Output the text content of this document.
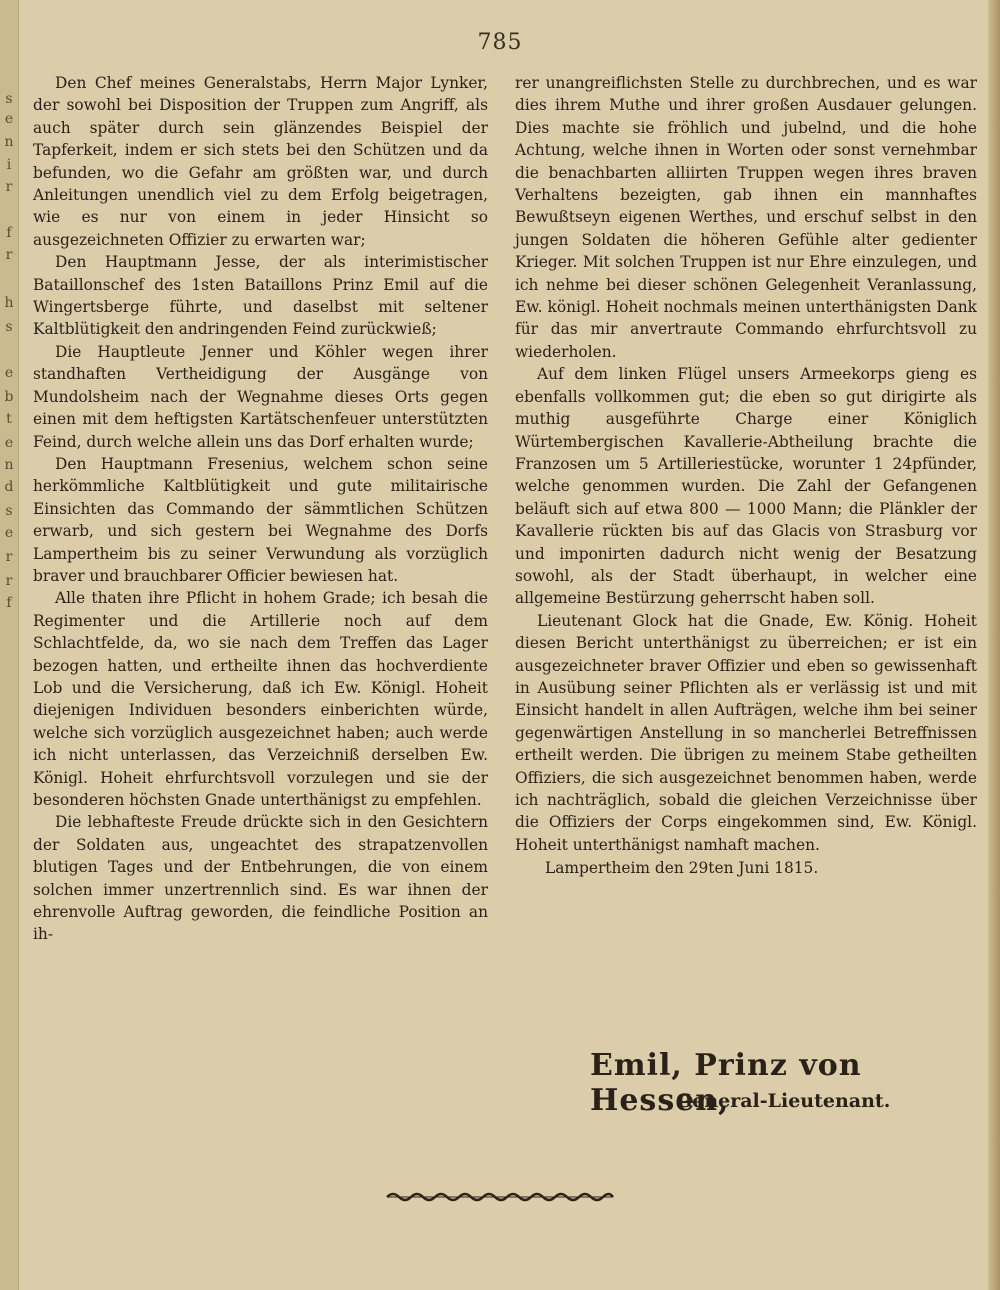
s
e
n
i
r
f
r
h
s
e
b
t
e
n
d
s
e
r
r
f
785

Den Chef meines Generalstabs, Herrn Major Lynker, der sowohl bei Disposition der Truppen zum Angriff, als auch später durch sein glänzendes Beispiel der Tapferkeit, indem er sich stets bei den Schützen und da befunden, wo die Gefahr am größten war, und durch Anleitungen unendlich viel zu dem Erfolg beigetragen, wie es nur von einem in jeder Hinsicht so ausgezeichneten Offizier zu erwarten war;

Den Hauptmann Jesse, der als interimistischer Bataillonschef des 1sten Bataillons Prinz Emil auf die Wingertsberge führte, und daselbst mit seltener Kaltblütigkeit den andringenden Feind zurückwieß;

Die Hauptleute Jenner und Köhler wegen ihrer standhaften Vertheidigung der Ausgänge von Mundolsheim nach der Wegnahme dieses Orts gegen einen mit dem heftigsten Kartätschenfeuer unterstützten Feind, durch welche allein uns das Dorf erhalten wurde;

Den Hauptmann Fresenius, welchem schon seine herkömmliche Kaltblütigkeit und gute militairische Einsichten das Commando der sämmtlichen Schützen erwarb, und sich gestern bei Wegnahme des Dorfs Lampertheim bis zu seiner Verwundung als vorzüglich braver und brauchbarer Officier bewiesen hat.

Alle thaten ihre Pflicht in hohem Grade; ich besah die Regimenter und die Artillerie noch auf dem Schlachtfelde, da, wo sie nach dem Treffen das Lager bezogen hatten, und ertheilte ihnen das hochverdiente Lob und die Versicherung, daß ich Ew. Königl. Hoheit diejenigen Individuen besonders einberichten würde, welche sich vorzüglich ausgezeichnet haben; auch werde ich nicht unterlassen, das Verzeichniß derselben Ew. Königl. Hoheit ehrfurchtsvoll vorzulegen und sie der besonderen höchsten Gnade unterthänigst zu empfehlen.

Die lebhafteste Freude drückte sich in den Gesichtern der Soldaten aus, ungeachtet des strapatzenvollen blutigen Tages und der Entbehrungen, die von einem solchen immer unzertrennlich sind. Es war ihnen der ehrenvolle Auftrag geworden, die feindliche Position an ih-

rer unangreiflichsten Stelle zu durchbrechen, und es war dies ihrem Muthe und ihrer großen Ausdauer gelungen. Dies machte sie fröhlich und jubelnd, und die hohe Achtung, welche ihnen in Worten oder sonst vernehmbar die benachbarten alliirten Truppen wegen ihres braven Verhaltens bezeigten, gab ihnen ein mannhaftes Bewußtseyn eigenen Werthes, und erschuf selbst in den jungen Soldaten die höheren Gefühle alter gedienter Krieger. Mit solchen Truppen ist nur Ehre einzulegen, und ich nehme bei dieser schönen Gelegenheit Veranlassung, Ew. königl. Hoheit nochmals meinen unterthänigsten Dank für das mir anvertraute Commando ehrfurchtsvoll zu wiederholen.

Auf dem linken Flügel unsers Armeekorps gieng es ebenfalls vollkommen gut; die eben so gut dirigirte als muthig ausgeführte Charge einer Königlich Würtembergischen Kavallerie-Abtheilung brachte die Franzosen um 5 Artilleriestücke, worunter 1 24pfünder, welche genommen wurden. Die Zahl der Gefangenen beläuft sich auf etwa 800 — 1000 Mann; die Plänkler der Kavallerie rückten bis auf das Glacis von Strasburg vor und imponirten dadurch nicht wenig der Besatzung sowohl, als der Stadt überhaupt, in welcher eine allgemeine Bestürzung geherrscht haben soll.

Lieutenant Glock hat die Gnade, Ew. König. Hoheit diesen Bericht unterthänigst zu überreichen; er ist ein ausgezeichneter braver Offizier und eben so gewissenhaft in Ausübung seiner Pflichten als er verlässig ist und mit Einsicht handelt in allen Aufträgen, welche ihm bei seiner gegenwärtigen Anstellung in so mancherlei Betreffnissen ertheilt werden. Die übrigen zu meinem Stabe getheilten Offiziers, die sich ausgezeichnet benommen haben, werde ich nachträglich, sobald die gleichen Verzeichnisse über die Offiziers der Corps eingekommen sind, Ew. Königl. Hoheit unterthänigst namhaft machen.

Lampertheim den 29ten Juni 1815.

Emil, Prinz von Hessen,
General-Lieutenant.
